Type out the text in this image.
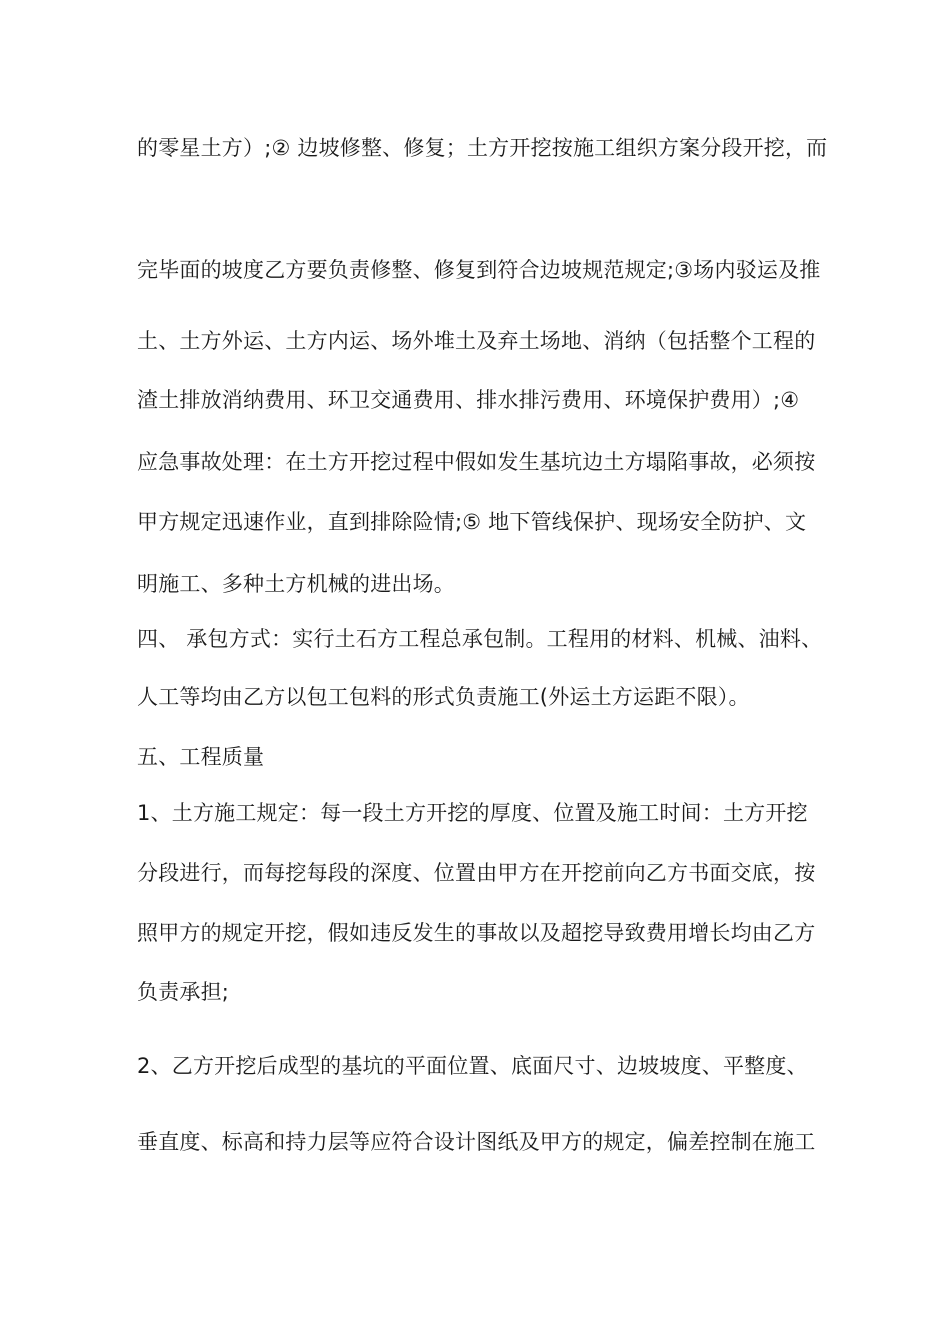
的零星土方）;② 边坡修整、修复；土方开挖按施工组织方案分段开挖，而
完毕面的坡度乙方要负责修整、修复到符合边坡规范规定;③场内驳运及推
土、土方外运、土方内运、场外堆土及弃土场地、消纳（包括整个工程的
渣土排放消纳费用、环卫交通费用、排水排污费用、环境保护费用）;④
应急事故处理：在土方开挖过程中假如发生基坑边土方塌陷事故，必须按
甲方规定迅速作业，直到排除险情;⑤ 地下管线保护、现场安全防护、文
明施工、多种土方机械的进出场。
四、 承包方式：实行土石方工程总承包制。工程用的材料、机械、油料、
人工等均由乙方以包工包料的形式负责施工(外运土方运距不限）。
五、工程质量
1、土方施工规定：每一段土方开挖的厚度、位置及施工时间：土方开挖
分段进行，而每挖每段的深度、位置由甲方在开挖前向乙方书面交底，按
照甲方的规定开挖，假如违反发生的事故以及超挖导致费用增长均由乙方
负责承担;
2、乙方开挖后成型的基坑的平面位置、底面尺寸、边坡坡度、平整度、
垂直度、标高和持力层等应符合设计图纸及甲方的规定，偏差控制在施工
